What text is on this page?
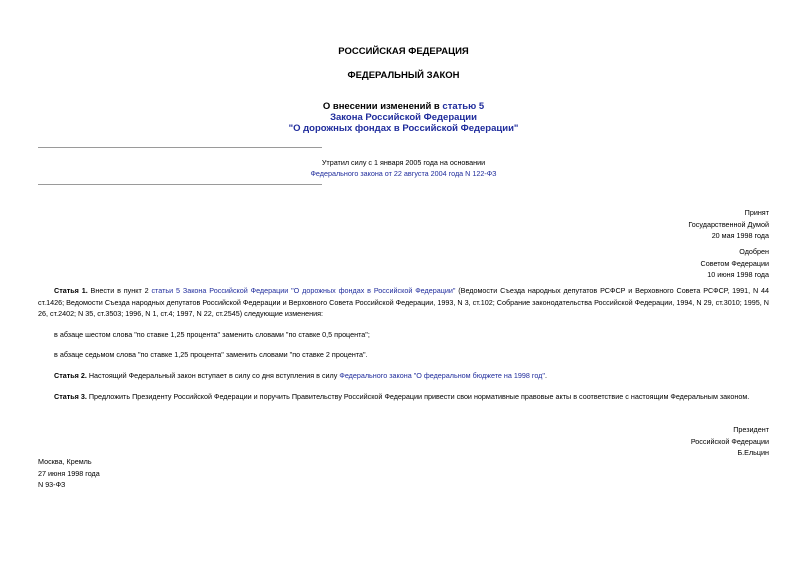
РОССИЙСКАЯ ФЕДЕРАЦИЯ
ФЕДЕРАЛЬНЫЙ ЗАКОН
О внесении изменений в статью 5
Закона Российской Федерации
"О дорожных фондах в Российской Федерации"
Утратил силу с 1 января 2005 года на основании
Федерального закона от 22 августа 2004 года N 122-ФЗ
Принят
Государственной Думой
20 мая 1998 года
Одобрен
Советом Федерации
10 июня 1998 года
Статья 1. Внести в пункт 2 статьи 5 Закона Российской Федерации "О дорожных фондах в Российской Федерации" (Ведомости Съезда народных депутатов РСФСР и Верховного Совета РСФСР, 1991, N 44 ст.1426; Ведомости Съезда народных депутатов Российской Федерации и Верховного Совета Российской Федерации, 1993, N 3, ст.102; Собрание законодательства Российской Федерации, 1994, N 29, ст.3010; 1995, N 26, ст.2402; N 35, ст.3503; 1996, N 1, ст.4; 1997, N 22, ст.2545) следующие изменения:
в абзаце шестом слова "по ставке 1,25 процента" заменить словами "по ставке 0,5 процента";
в абзаце седьмом слова "по ставке 1,25 процента" заменить словами "по ставке 2 процента".
Статья 2. Настоящий Федеральный закон вступает в силу со дня вступления в силу Федерального закона "О федеральном бюджете на 1998 год".
Статья 3. Предложить Президенту Российской Федерации и поручить Правительству Российской Федерации привести свои нормативные правовые акты в соответствие с настоящим Федеральным законом.
Президент
Российской Федерации
Б.Ельцин
Москва, Кремль
27 июня 1998 года
N 93-ФЗ
